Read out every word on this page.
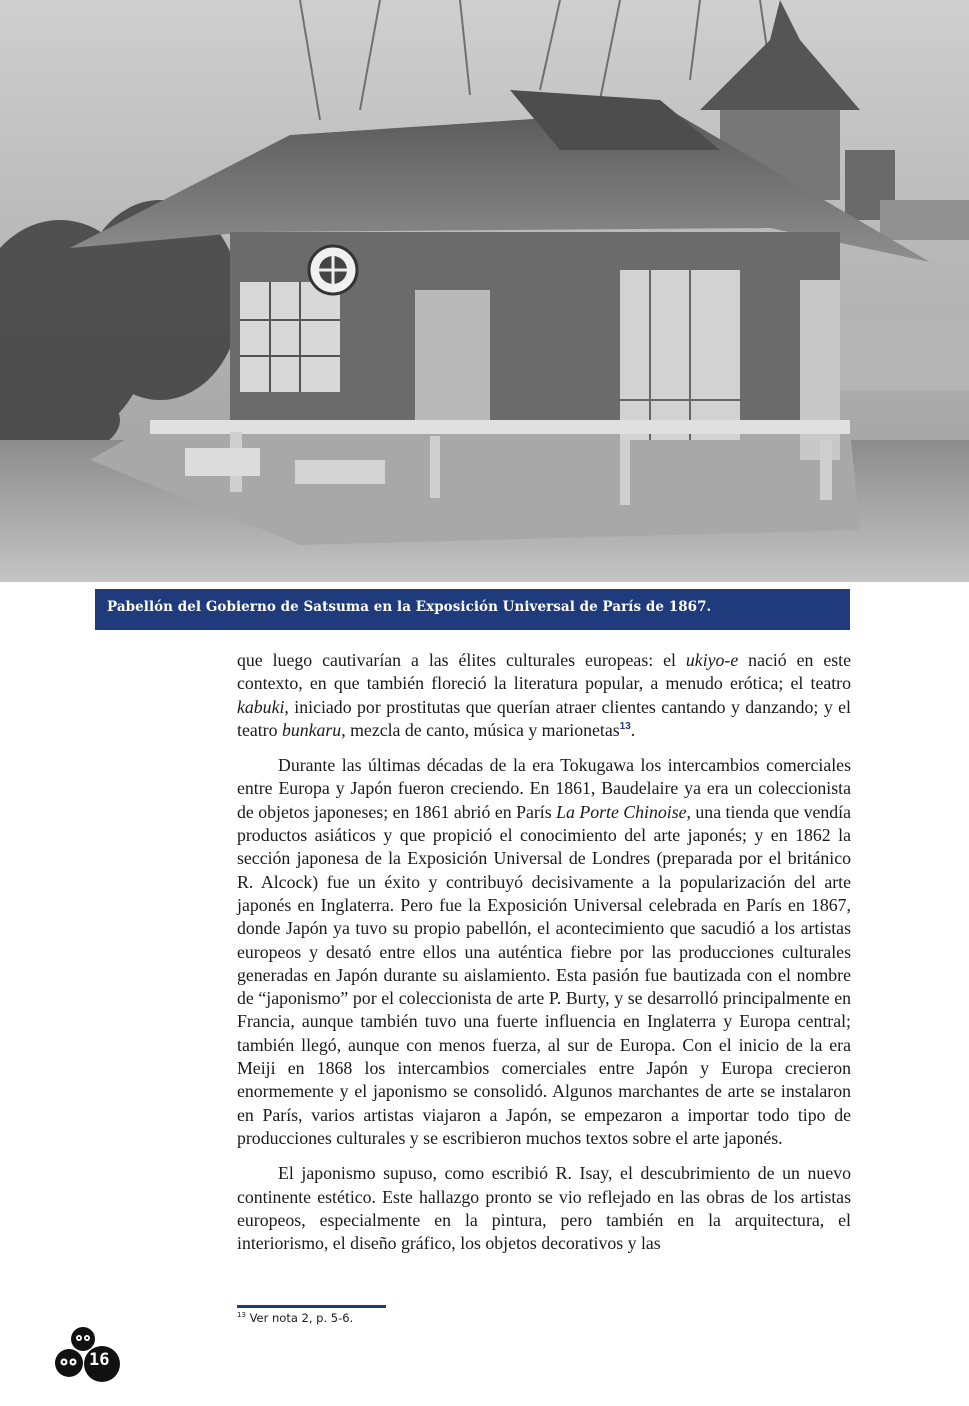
Pabellón del Gobierno de Satsuma en la Exposición Universal de París de 1867.

que luego cautivarían a las élites culturales europeas: el ukiyo-e nació en este contexto, en que también floreció la literatura popular, a menudo erótica; el teatro kabuki, iniciado por prostitutas que querían atraer clientes cantando y danzando; y el teatro bunkaru, mezcla de canto, música y marionetas$^{13}$.

Durante las últimas décadas de la era Tokugawa los intercambios comerciales entre Europa y Japón fueron creciendo. En 1861, Baudelaire ya era un coleccionista de objetos japoneses; en 1861 abrió en París La Porte Chinoise, una tienda que vendía productos asiáticos y que propició el conocimiento del arte japonés; y en 1862 la sección japonesa de la Exposición Universal de Londres (preparada por el británico R. Alcock) fue un éxito y contribuyó decisivamente a la popularización del arte japonés en Inglaterra. Pero fue la Exposición Universal celebrada en París en 1867, donde Japón ya tuvo su propio pabellón, el acontecimiento que sacudió a los artistas europeos y desató entre ellos una auténtica fiebre por las producciones culturales generadas en Japón durante su aislamiento. Esta pasión fue bautizada con el nombre de “japonismo” por el coleccionista de arte P. Burty, y se desarrolló principalmente en Francia, aunque también tuvo una fuerte influencia en Inglaterra y Europa central; también llegó, aunque con menos fuerza, al sur de Europa. Con el inicio de la era Meiji en 1868 los intercambios comerciales entre Japón y Europa crecieron enormemente y el japonismo se consolidó. Algunos marchantes de arte se instalaron en París, varios artistas viajaron a Japón, se empezaron a importar todo tipo de producciones culturales y se escribieron muchos textos sobre el arte japonés.

El japonismo supuso, como escribió R. Isay, el descubrimiento de un nuevo continente estético. Este hallazgo pronto se vio reflejado en las obras de los artistas europeos, especialmente en la pintura, pero también en la arquitectura, el interiorismo, el diseño gráfico, los objetos decorativos y las

$^{13}$ Ver nota 2, p. 5-6.
16
